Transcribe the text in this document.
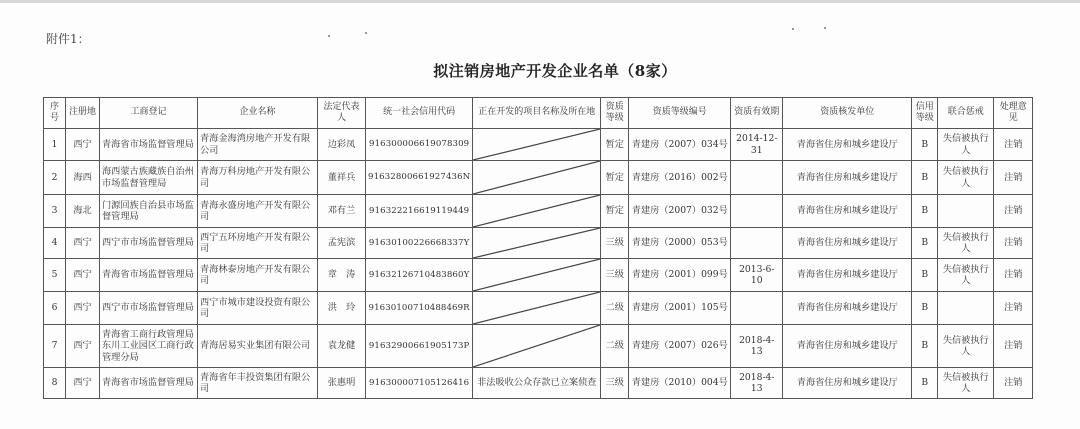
附件1：
拟注销房地产开发企业名单（8家）
序号	注册地	工商登记	企业名称	法定代表人	统一社会信用代码	正在开发的项目名称及所在地	资质等级	资质等级编号	资质有效期	资质核发单位	信用等级	联合惩戒	处理意见
1	西宁	青海省市场监督管理局	青海金海湾房地产开发有限公司	边彩凤	916300006619078309		暂定	青建房（2007）034号	2014-12-31	青海省住房和城乡建设厅	B	失信被执行人	注销
2	海西	海西蒙古族藏族自治州市场监督管理局	青海万科房地产开发有限公司	董祥兵	91632800661927436N		暂定	青建房（2016）002号		青海省住房和城乡建设厅	B	失信被执行人	注销
3	海北	门源回族自治县市场监督管理局	青海永盛房地产开发有限公司	邓有兰	916322216619119449		暂定	青建房（2007）032号		青海省住房和城乡建设厅	B		注销
4	西宁	西宁市市场监督管理局	西宁五环房地产开发有限公司	孟宪滨	91630100226668337Y		三级	青建房（2000）053号		青海省住房和城乡建设厅	B	失信被执行人	注销
5	西宁	青海省市场监督管理局	青海林泰房地产开发有限公司	章　涛	91632126710483860Y		三级	青建房（2001）099号	2013-6-10	青海省住房和城乡建设厅	B	失信被执行人	注销
6	西宁	西宁市市场监督管理局	西宁市城市建设投资有限公司	洪　玲	91630100710488469R		二级	青建房（2001）105号		青海省住房和城乡建设厅	B		注销
7	西宁	青海省工商行政管理局东川工业园区工商行政管理分局	青海居易实业集团有限公司	袁龙健	91632900661905173P		二级	青建房（2007）026号	2018-4-13	青海省住房和城乡建设厅	B	失信被执行人	注销
8	西宁	青海省市场监督管理局	青海省年丰投资集团有限公司	张惠明	916300007105126416	非法吸收公众存款已立案侦查	三级	青建房（2010）004号	2018-4-13	青海省住房和城乡建设厅	B	失信被执行人	注销
